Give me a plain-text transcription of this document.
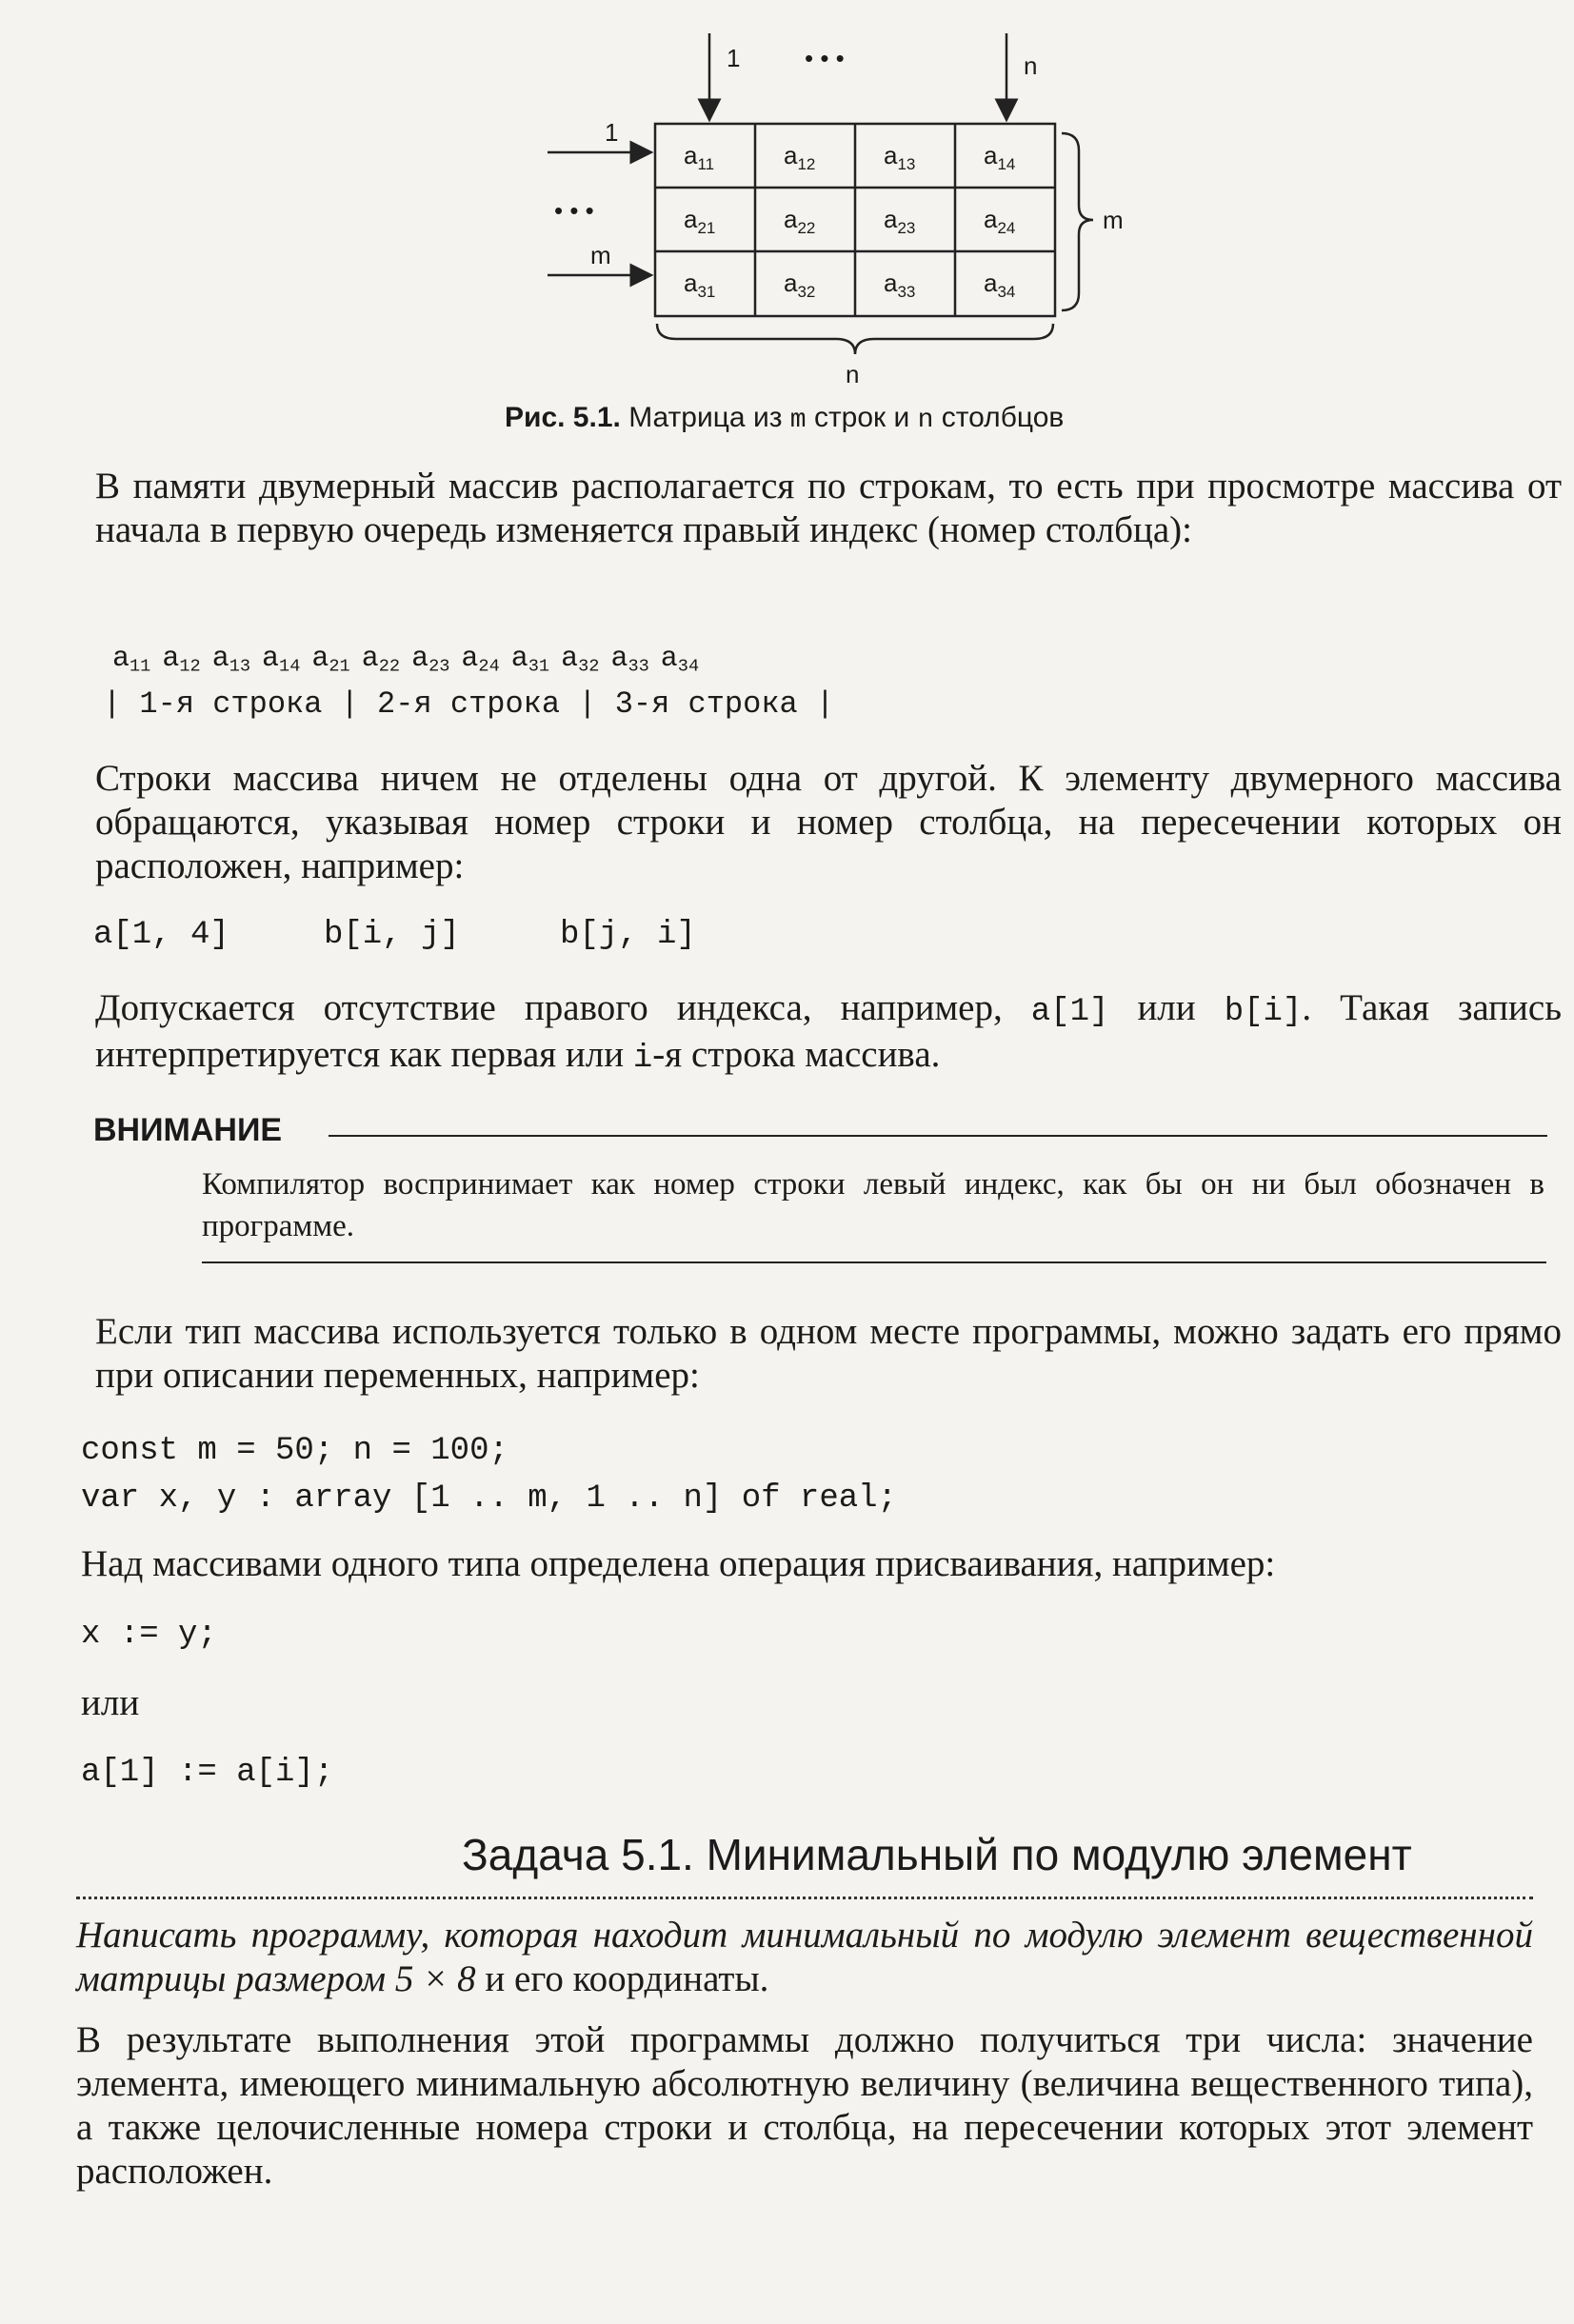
1	• • •	n
1
• • •
m
m
n
$a_{11}$	$a_{12}$	$a_{13}$	$a_{14}$
$a_{21}$	$a_{22}$	$a_{23}$	$a_{24}$
$a_{31}$	$a_{32}$	$a_{33}$	$a_{34}$
Рис. 5.1. Матрица из m строк и n столбцов
В памяти двумерный массив располагается по строкам, то есть при просмотре массива от начала в первую очередь изменяется правый индекс (номер столбца):
$a_{11}$ $a_{12}$ $a_{13}$ $a_{14}$ $a_{21}$ $a_{22}$ $a_{23}$ $a_{24}$ $a_{31}$ $a_{32}$ $a_{33}$ $a_{34}$
| 1-я строка | 2-я строка | 3-я строка |
Строки массива ничем не отделены одна от другой. К элементу двумерного массива обращаются, указывая номер строки и номер столбца, на пересечении которых он расположен, например:
a[1, 4]	b[i, j]	b[j, i]
Допускается отсутствие правого индекса, например, a[1] или b[i]. Такая запись интерпретируется как первая или i-я строка массива.
ВНИМАНИЕ
Компилятор воспринимает как номер строки левый индекс, как бы он ни был обозначен в программе.
Если тип массива используется только в одном месте программы, можно задать его прямо при описании переменных, например:
const m = 50; n = 100;
var x, y : array [1 .. m, 1 .. n] of real;
Над массивами одного типа определена операция присваивания, например:
x := y;
или
a[1] := a[i];
Задача 5.1. Минимальный по модулю элемент
Написать программу, которая находит минимальный по модулю элемент вещественной матрицы размером 5 × 8 и его координаты.
В результате выполнения этой программы должно получиться три числа: значение элемента, имеющего минимальную абсолютную величину (величина вещественного типа), а также целочисленные номера строки и столбца, на пересечении которых этот элемент расположен.
